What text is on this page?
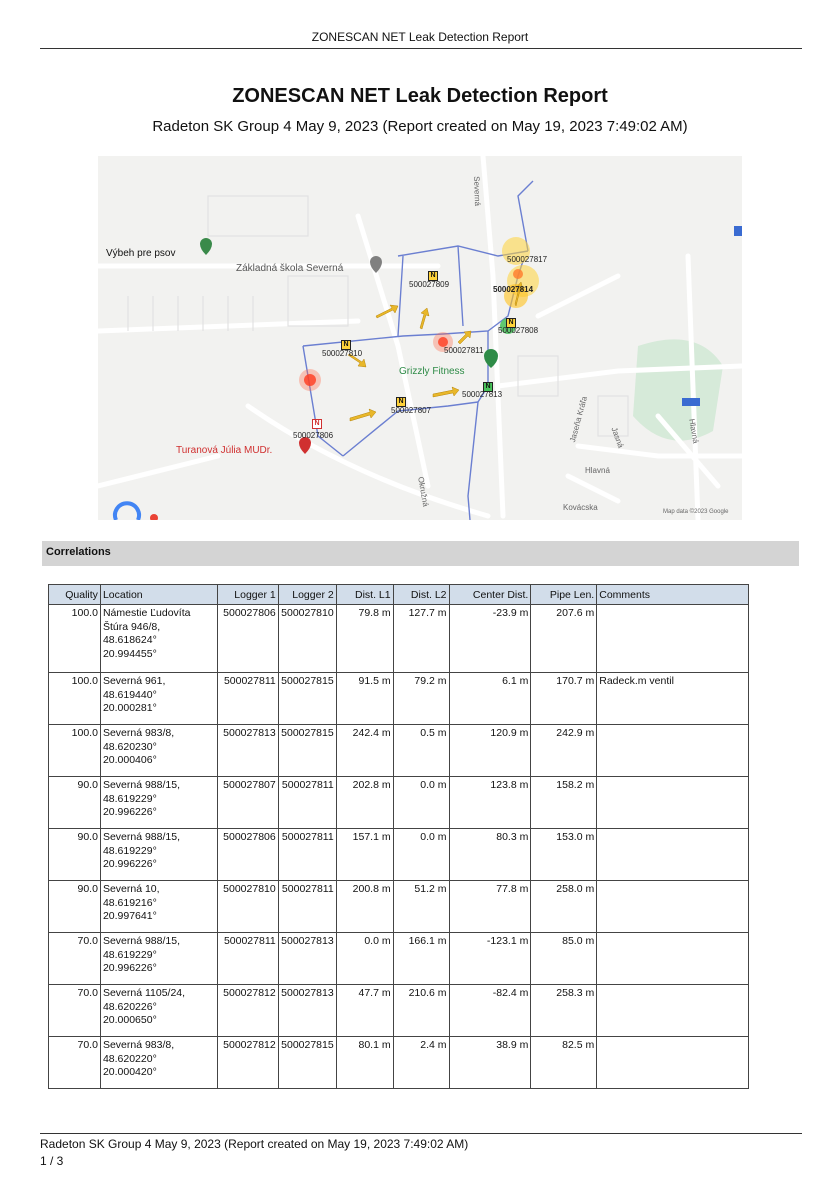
ZONESCAN NET Leak Detection Report
ZONESCAN NET Leak Detection Report
Radeton SK Group 4 May 9, 2023 (Report created on May 19, 2023 7:49:02 AM)
Výbeh pre psov
Základná škola Severná
Grizzly Fitness
Turanová Júlia MUDr.
N
500027809
500027817
500027814
N
500027808
N
500027810	500027811
N
500027813
N
500027807
N
500027806
Severná
Hlavná
Kovácska
Jasná
Jaseňa Kráľa
Okružná
Hlavná
Map data ©2023 Google
Correlations
Quality	Location	Logger 1	Logger 2	Dist. L1	Dist. L2	Center Dist.	Pipe Len.	Comments
100.0	Námestie Ľudovíta
Štúra 946/8,
48.618624°
20.994455°	500027806	500027810	79.8 m	127.7 m	-23.9 m	207.6 m	
100.0	Severná 961,
48.619440°
20.000281°	500027811	500027815	91.5 m	79.2 m	6.1 m	170.7 m	Radeck.m ventil
100.0	Severná 983/8,
48.620230°
20.000406°	500027813	500027815	242.4 m	0.5 m	120.9 m	242.9 m	
90.0	Severná 988/15,
48.619229°
20.996226°	500027807	500027811	202.8 m	0.0 m	123.8 m	158.2 m	
90.0	Severná 988/15,
48.619229°
20.996226°	500027806	500027811	157.1 m	0.0 m	80.3 m	153.0 m	
90.0	Severná 10,
48.619216°
20.997641°	500027810	500027811	200.8 m	51.2 m	77.8 m	258.0 m	
70.0	Severná 988/15,
48.619229°
20.996226°	500027811	500027813	0.0 m	166.1 m	-123.1 m	85.0 m	
70.0	Severná 1105/24,
48.620226°
20.000650°	500027812	500027813	47.7 m	210.6 m	-82.4 m	258.3 m	
70.0	Severná 983/8,
48.620220°
20.000420°	500027812	500027815	80.1 m	2.4 m	38.9 m	82.5 m	
Radeton SK Group 4 May 9, 2023 (Report created on May 19, 2023 7:49:02 AM)
1 / 3
